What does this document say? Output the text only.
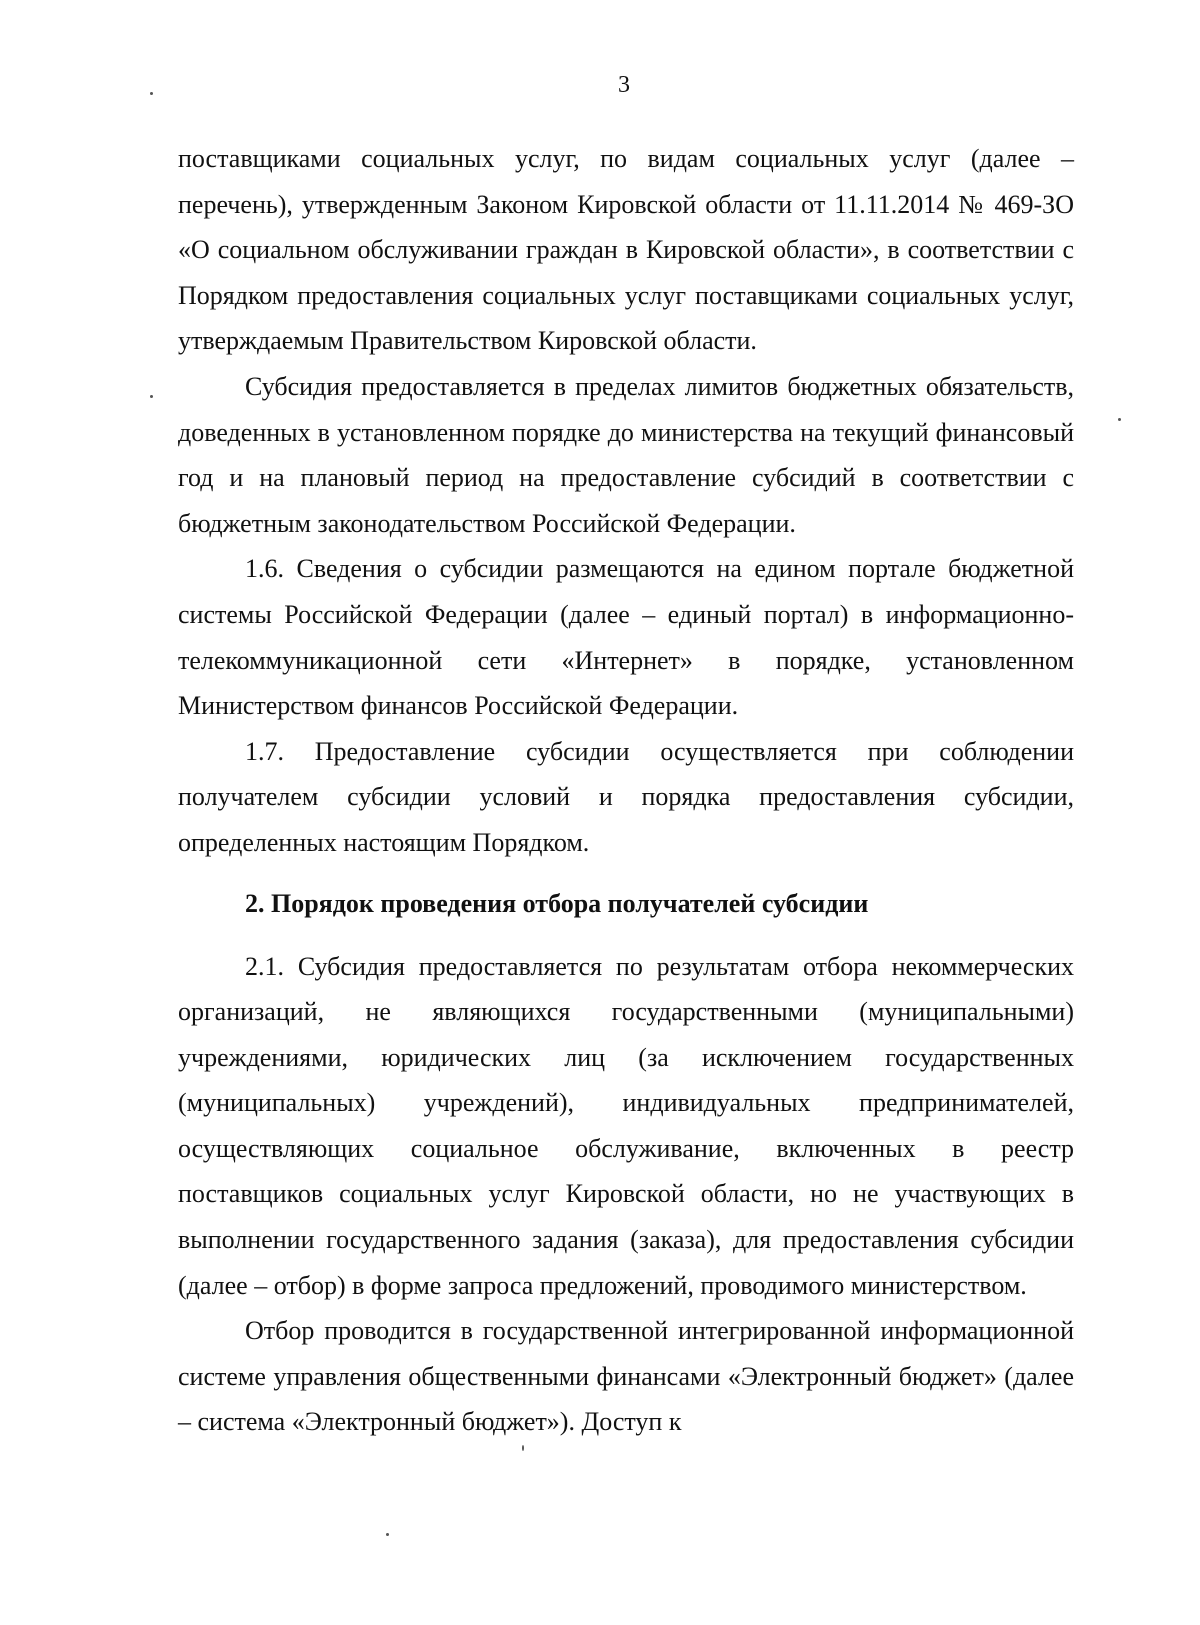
3

поставщиками социальных услуг, по видам социальных услуг (далее – перечень), утвержденным Законом Кировской области от 11.11.2014 № 469-ЗО «О социальном обслуживании граждан в Кировской области», в соответствии с Порядком предоставления социальных услуг поставщиками социальных услуг, утверждаемым Правительством Кировской области.

Субсидия предоставляется в пределах лимитов бюджетных обязательств, доведенных в установленном порядке до министерства на текущий финансовый год и на плановый период на предоставление субсидий в соответствии с бюджетным законодательством Российской Федерации.

1.6. Сведения о субсидии размещаются на едином портале бюджетной системы Российской Федерации (далее – единый портал) в информационно-телекоммуникационной сети «Интернет» в порядке, установленном Министерством финансов Российской Федерации.

1.7. Предоставление субсидии осуществляется при соблюдении получателем субсидии условий и порядка предоставления субсидии, определенных настоящим Порядком.

2. Порядок проведения отбора получателей субсидии

2.1. Субсидия предоставляется по результатам отбора некоммерческих организаций, не являющихся государственными (муниципальными) учреждениями, юридических лиц (за исключением государственных (муниципальных) учреждений), индивидуальных предпринимателей, осуществляющих социальное обслуживание, включенных в реестр поставщиков социальных услуг Кировской области, но не участвующих в выполнении государственного задания (заказа), для предоставления субсидии (далее – отбор) в форме запроса предложений, проводимого министерством.

Отбор проводится в государственной интегрированной информационной системе управления общественными финансами «Электронный бюджет» (далее – система «Электронный бюджет»). Доступ к
